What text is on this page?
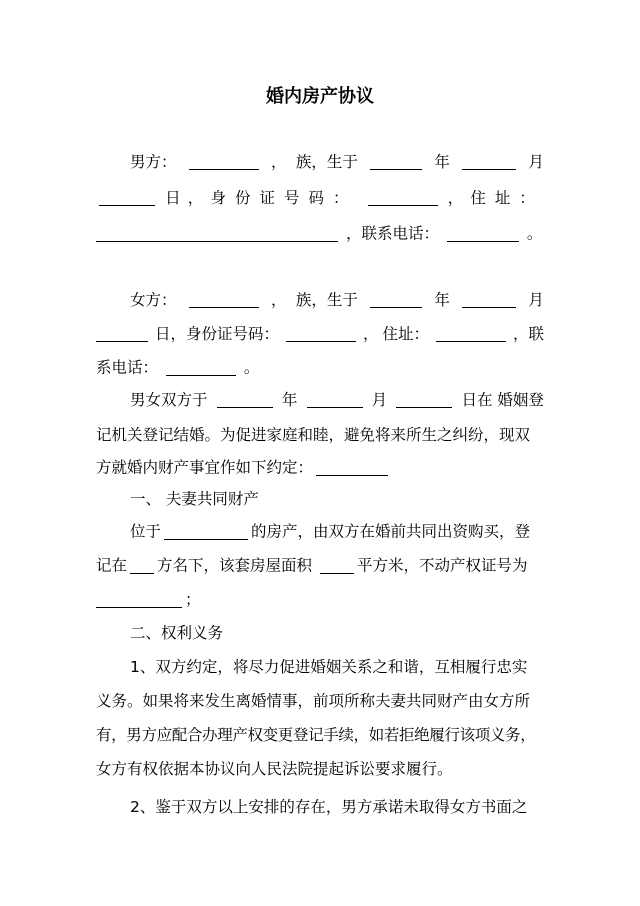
婚内房产协议
男方：	， 族，生于	年	月
日 ， 身份证号码：	， 住址：
，联系电话：	。
女方：	， 族，生于	年	月
日，身份证号码：	， 住址：	，联
系电话：	。
男女双方于	年	月	日在 婚姻登
记机关登记结婚。为促进家庭和睦，避免将来所生之纠纷，现双
方就婚内财产事宜作如下约定：
一、 夫妻共同财产
位于	的房产，由双方在婚前共同出资购买，登
记在 方名下，该套房屋面积	平方米，不动产权证号为
；
二、权利义务
1、双方约定，将尽力促进婚姻关系之和谐，互相履行忠实
义务。如果将来发生离婚情事，前项所称夫妻共同财产由女方所
有，男方应配合办理产权变更登记手续，如若拒绝履行该项义务，
女方有权依据本协议向人民法院提起诉讼要求履行。
2、鉴于双方以上安排的存在，男方承诺未取得女方书面之
